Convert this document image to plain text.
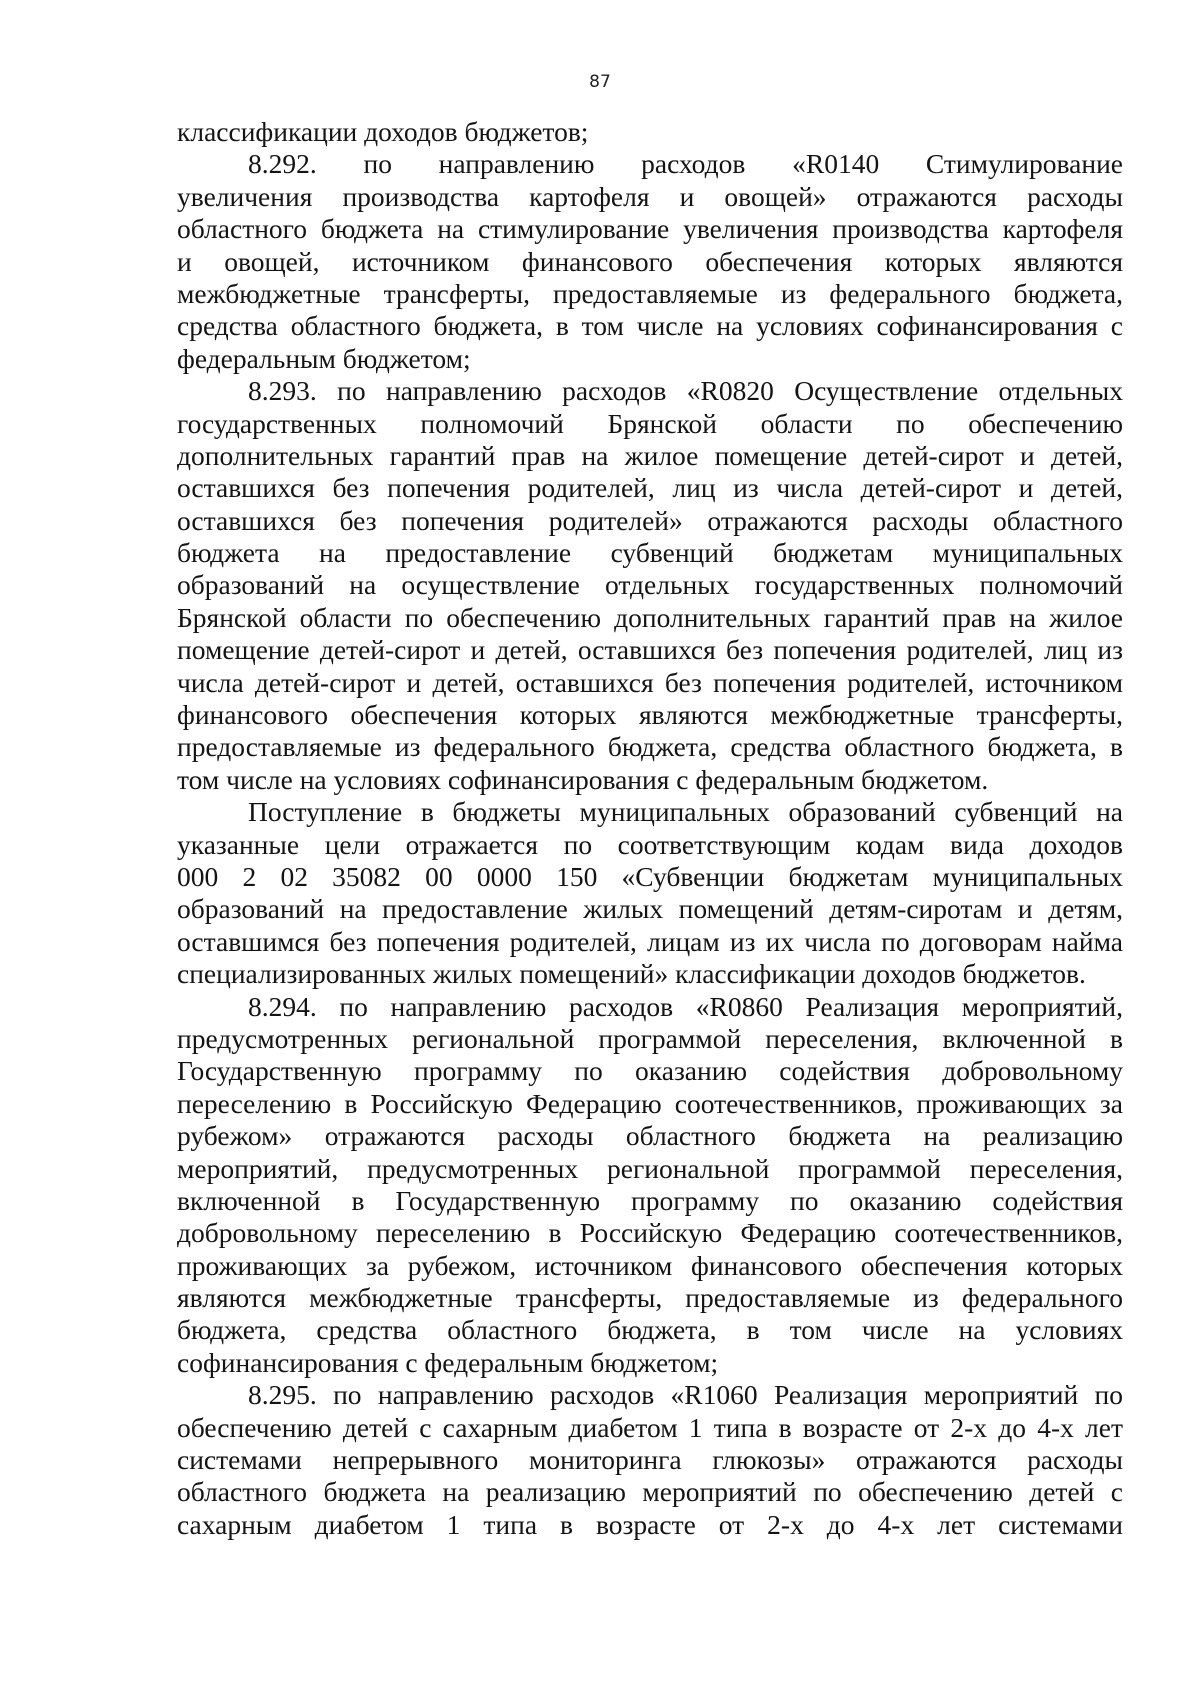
87
классификации доходов бюджетов;
8.292. по направлению расходов «R0140 Стимулирование
увеличения производства картофеля и овощей» отражаются расходы
областного бюджета на стимулирование увеличения производства картофеля
и овощей, источником финансового обеспечения которых являются
межбюджетные трансферты, предоставляемые из федерального бюджета,
средства областного бюджета, в том числе на условиях софинансирования с
федеральным бюджетом;
8.293. по направлению расходов «R0820 Осуществление отдельных
государственных полномочий Брянской области по обеспечению
дополнительных гарантий прав на жилое помещение детей-сирот и детей,
оставшихся без попечения родителей, лиц из числа детей-сирот и детей,
оставшихся без попечения родителей» отражаются расходы областного
бюджета на предоставление субвенций бюджетам муниципальных
образований на осуществление отдельных государственных полномочий
Брянской области по обеспечению дополнительных гарантий прав на жилое
помещение детей-сирот и детей, оставшихся без попечения родителей, лиц из
числа детей-сирот и детей, оставшихся без попечения родителей, источником
финансового обеспечения которых являются межбюджетные трансферты,
предоставляемые из федерального бюджета, средства областного бюджета, в
том числе на условиях софинансирования с федеральным бюджетом.
Поступление в бюджеты муниципальных образований субвенций на
указанные цели отражается по соответствующим кодам вида доходов
000 2 02 35082 00 0000 150 «Субвенции бюджетам муниципальных
образований на предоставление жилых помещений детям-сиротам и детям,
оставшимся без попечения родителей, лицам из их числа по договорам найма
специализированных жилых помещений» классификации доходов бюджетов.
8.294. по направлению расходов «R0860 Реализация мероприятий,
предусмотренных региональной программой переселения, включенной в
Государственную программу по оказанию содействия добровольному
переселению в Российскую Федерацию соотечественников, проживающих за
рубежом» отражаются расходы областного бюджета на реализацию
мероприятий, предусмотренных региональной программой переселения,
включенной в Государственную программу по оказанию содействия
добровольному переселению в Российскую Федерацию соотечественников,
проживающих за рубежом, источником финансового обеспечения которых
являются межбюджетные трансферты, предоставляемые из федерального
бюджета, средства областного бюджета, в том числе на условиях
софинансирования с федеральным бюджетом;
8.295. по направлению расходов «R1060 Реализация мероприятий по
обеспечению детей с сахарным диабетом 1 типа в возрасте от 2-х до 4-х лет
системами непрерывного мониторинга глюкозы» отражаются расходы
областного бюджета на реализацию мероприятий по обеспечению детей с
сахарным диабетом 1 типа в возрасте от 2-х до 4-х лет системами
